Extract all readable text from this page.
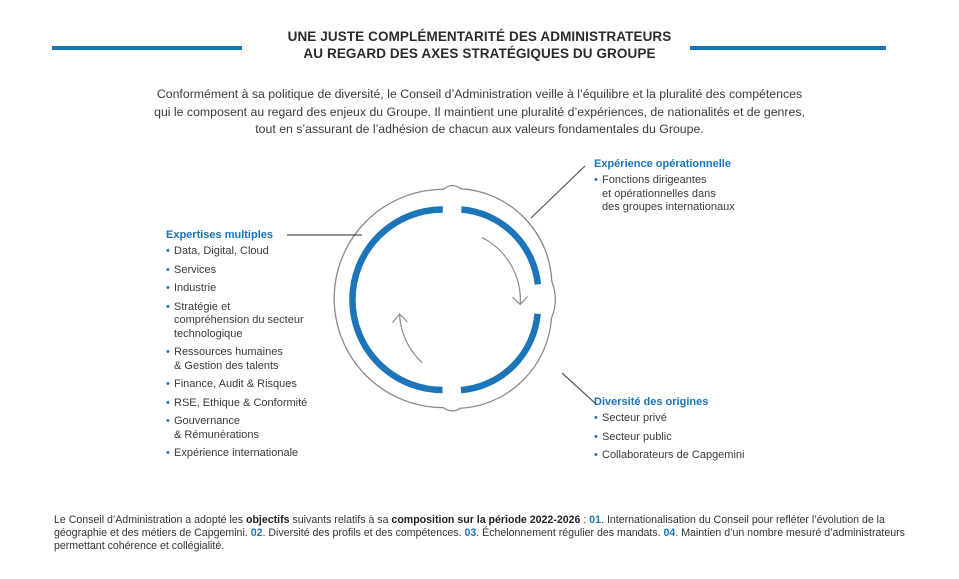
UNE JUSTE COMPLÉMENTARITÉ DES ADMINISTRATEURS
AU REGARD DES AXES STRATÉGIQUES DU GROUPE
Conformément à sa politique de diversité, le Conseil d’Administration veille à l’équilibre et la pluralité des compétences
qui le composent au regard des enjeux du Groupe. Il maintient une pluralité d’expériences, de nationalités et de genres,
tout en s’assurant de l’adhésion de chacun aux valeurs fondamentales du Groupe.
Expérience opérationnelle
• Fonctions dirigeantes
et opérationnelles dans
des groupes internationaux
Expertises multiples
• Data, Digital, Cloud
• Services
• Industrie
• Stratégie et
compréhension du secteur
technologique
• Ressources humaines
& Gestion des talents
• Finance, Audit & Risques
• RSE, Ethique & Conformité
• Gouvernance
& Rémunérations
• Expérience internationale
Diversité des origines
• Secteur privé
• Secteur public
• Collaborateurs de Capgemini
Le Conseil d’Administration a adopté les objectifs suivants relatifs à sa composition sur la période 2022-2026 : 01. Internationalisation du Conseil pour refléter l’évolution de la géographie et des métiers de Capgemini. 02. Diversité des profils et des compétences. 03. Échelonnement régulier des mandats. 04. Maintien d’un nombre mesuré d’administrateurs permettant cohérence et collégialité.
